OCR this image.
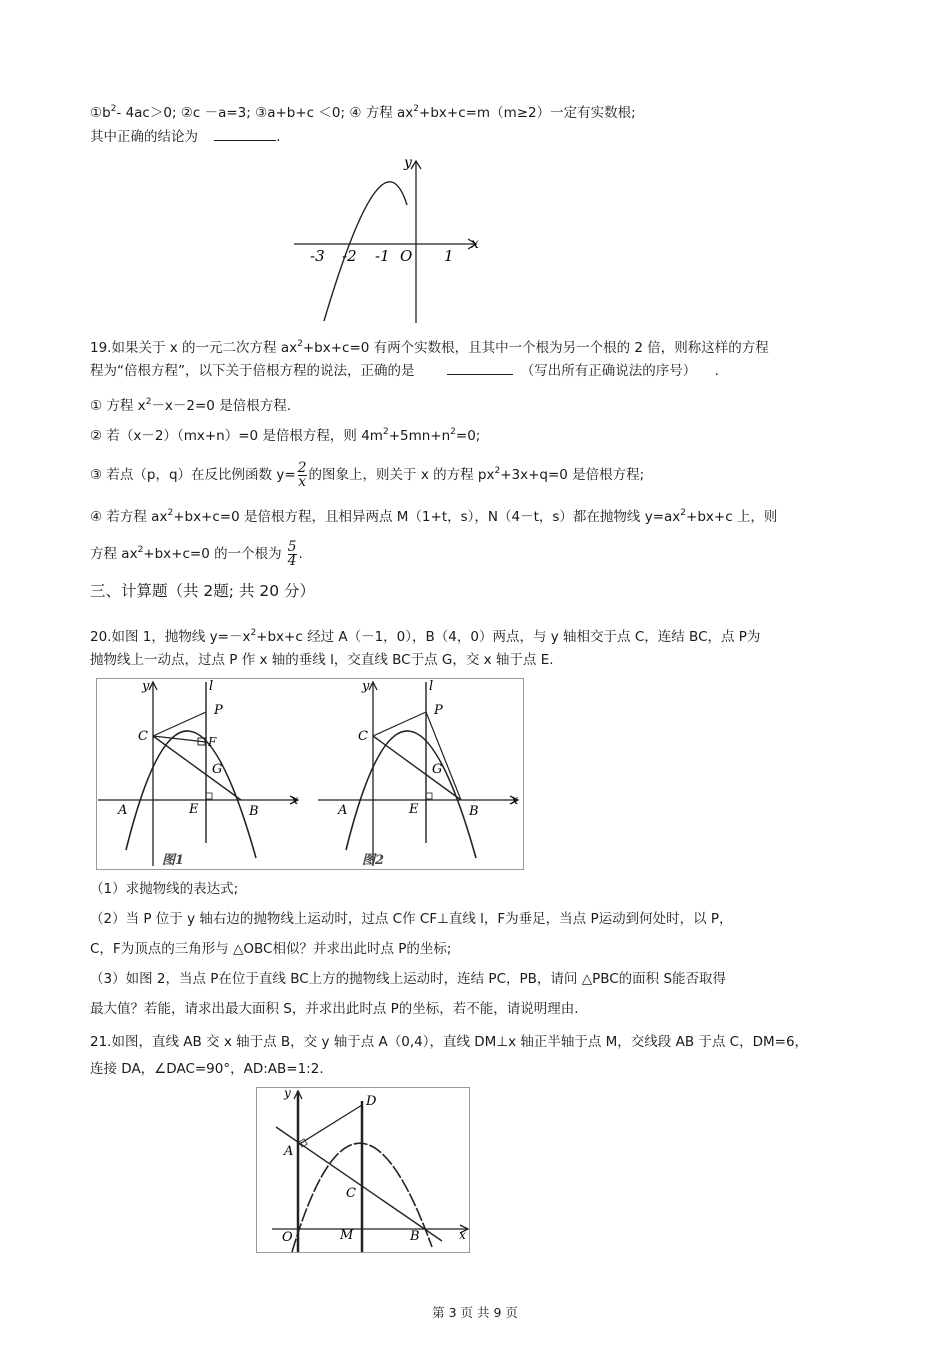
$①b^2-$ 4ac＞0; ②c －a=3; ③a+b+c ＜0; ④ 方程 $ax^2+bx+c=m(m\ge 2)$一定有实数根;
其中正确的结论为	.
y
x
-3 -2 -1 O 1
19.如果关于 x 的一元二次方程 $ax^2+bx+c=0$ 有两个实数根，且其中一个根为另一个根的 2 倍，则称这样的方程
程为“倍根方程”，以下关于倍根方程的说法，正确的是	（写出所有正确说法的序号） .
① 方程 $x^2-x-2=0$ 是倍根方程.
② 若（x－2）（mx+n）=0 是倍根方程，则 $4m^2+5mn+n^2=0$;
③ 若点（p，q）在反比例函数 $y= \frac{2}{x}$ 的图象上，则关于 x 的方程 $px^2+3x+q=0$ 是倍根方程;
④ 若方程 $ax^2+bx+c=0$ 是倍根方程，且相异两点 M（1+t，s），N（4－t，s）都在抛物线 $y=ax^2+bx+c$ 上，则
方程 $ax^2+bx+c=0$ 的一个根为 $\frac{5}{4}$ .
三、计算题（共 2题; 共 20 分）
20.如图 1，抛物线 $y=-x^2+bx+c$ 经过 A（－1，0），B（4，0）两点，与 y 轴相交于点 C，连结 BC，点 P为
抛物线上一动点，过点 P 作 x 轴的垂线 l，交直线 BC于点 G，交 x 轴于点 E.
y	l
P
C	F
G
A	E	B
x
图1
y	l
P
C
G
A	E	B
x
图2
（1）求抛物线的表达式;
（2）当 P 位于 y 轴右边的抛物线上运动时，过点 C作 CF⊥直线 l，F为垂足，当点 P运动到何处时，以 P，
C，F为顶点的三角形与 △OBC相似？并求出此时点 P的坐标;
（3）如图 2，当点 P在位于直线 BC上方的抛物线上运动时，连结 PC，PB，请问 △PBC的面积 S能否取得
最大值？若能，请求出最大面积 S，并求出此时点 P的坐标，若不能，请说明理由.
21.如图，直线 AB 交 x 轴于点 B，交 y 轴于点 A（0,4），直线 DM⊥x 轴正半轴于点 M，交线段 AB 于点 C，DM=6，
连接 DA，∠DAC=90°，AD:AB=1:2.
y
D
A
C
O	M	B	x
第 3 页 共 9 页
